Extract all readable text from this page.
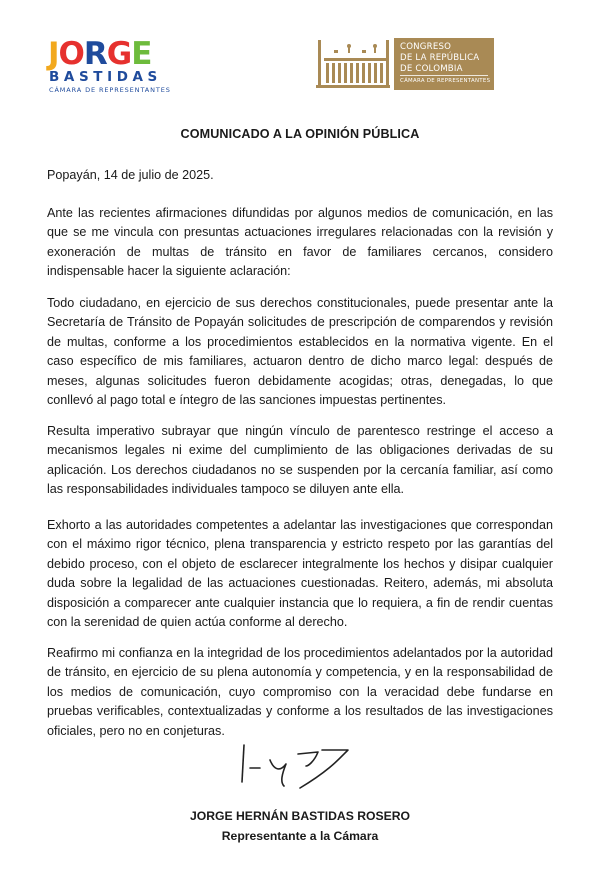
JORGE
BASTIDAS
CÁMARA DE REPRESENTANTES
CONGRESO
DE LA REPÚBLICA
DE COLOMBIA
CÁMARA DE REPRESENTANTES
COMUNICADO A LA OPINIÓN PÚBLICA
Popayán, 14 de julio de 2025.

Ante las recientes afirmaciones difundidas por algunos medios de comunicación, en las que se me vincula con presuntas actuaciones irregulares relacionadas con la revisión y exoneración de multas de tránsito en favor de familiares cercanos, considero indispensable hacer la siguiente aclaración:

Todo ciudadano, en ejercicio de sus derechos constitucionales, puede presentar ante la Secretaría de Tránsito de Popayán solicitudes de prescripción de comparendos y revisión de multas, conforme a los procedimientos establecidos en la normativa vigente. En el caso específico de mis familiares, actuaron dentro de dicho marco legal: después de meses, algunas solicitudes fueron debidamente acogidas; otras, denegadas, lo que conllevó al pago total e íntegro de las sanciones impuestas pertinentes.

Resulta imperativo subrayar que ningún vínculo de parentesco restringe el acceso a mecanismos legales ni exime del cumplimiento de las obligaciones derivadas de su aplicación. Los derechos ciudadanos no se suspenden por la cercanía familiar, así como las responsabilidades individuales tampoco se diluyen ante ella.

Exhorto a las autoridades competentes a adelantar las investigaciones que correspondan con el máximo rigor técnico, plena transparencia y estricto respeto por las garantías del debido proceso, con el objeto de esclarecer integralmente los hechos y disipar cualquier duda sobre la legalidad de las actuaciones cuestionadas. Reitero, además, mi absoluta disposición a comparecer ante cualquier instancia que lo requiera, a fin de rendir cuentas con la serenidad de quien actúa conforme al derecho.

Reafirmo mi confianza en la integridad de los procedimientos adelantados por la autoridad de tránsito, en ejercicio de su plena autonomía y competencia, y en la responsabilidad de los medios de comunicación, cuyo compromiso con la veracidad debe fundarse en pruebas verificables, contextualizadas y conforme a los resultados de las investigaciones oficiales, pero no en conjeturas.

JORGE HERNÁN BASTIDAS ROSERO
Representante a la Cámara
